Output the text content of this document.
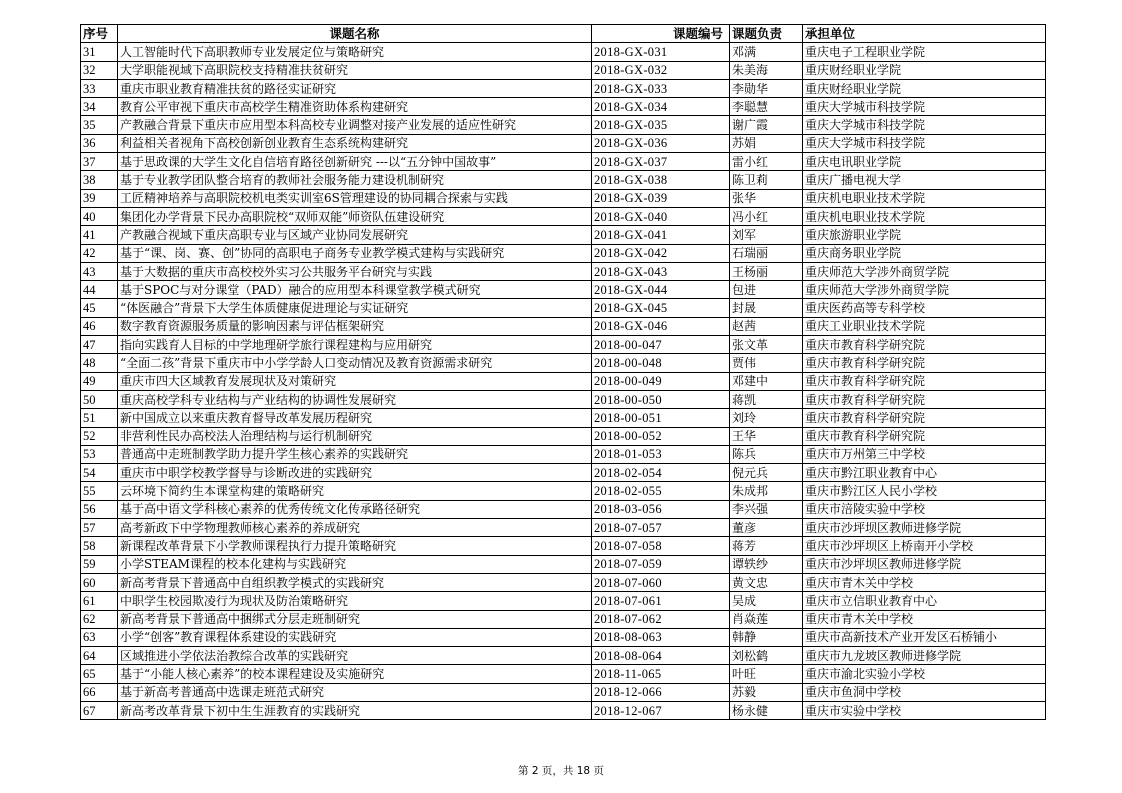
序号	课题名称	课题编号	课题负责	承担单位
31	人工智能时代下高职教师专业发展定位与策略研究	2018-GX-031	邓满	重庆电子工程职业学院
32	大学职能视域下高职院校支持精准扶贫研究	2018-GX-032	朱美海	重庆财经职业学院
33	重庆市职业教育精准扶贫的路径实证研究	2018-GX-033	李勋华	重庆财经职业学院
34	教育公平审视下重庆市高校学生精准资助体系构建研究	2018-GX-034	李聪慧	重庆大学城市科技学院
35	产教融合背景下重庆市应用型本科高校专业调整对接产业发展的适应性研究	2018-GX-035	谢广霞	重庆大学城市科技学院
36	利益相关者视角下高校创新创业教育生态系统构建研究	2018-GX-036	苏娟	重庆大学城市科技学院
37	基于思政课的大学生文化自信培育路径创新研究 ---以“五分钟中国故事”	2018-GX-037	雷小红	重庆电讯职业学院
38	基于专业教学团队整合培育的教师社会服务能力建设机制研究	2018-GX-038	陈卫莉	重庆广播电视大学
39	工匠精神培养与高职院校机电类实训室6S管理建设的协同耦合探索与实践	2018-GX-039	张华	重庆机电职业技术学院
40	集团化办学背景下民办高职院校“双师双能”师资队伍建设研究	2018-GX-040	冯小红	重庆机电职业技术学院
41	产教融合视域下重庆高职专业与区域产业协同发展研究	2018-GX-041	刘军	重庆旅游职业学院
42	基于“课、岗、赛、创”协同的高职电子商务专业教学模式建构与实践研究	2018-GX-042	石瑞丽	重庆商务职业学院
43	基于大数据的重庆市高校校外实习公共服务平台研究与实践	2018-GX-043	王杨丽	重庆师范大学涉外商贸学院
44	基于SPOC与对分课堂（PAD）融合的应用型本科课堂教学模式研究	2018-GX-044	包进	重庆师范大学涉外商贸学院
45	“体医融合”背景下大学生体质健康促进理论与实证研究	2018-GX-045	封晟	重庆医药高等专科学校
46	数字教育资源服务质量的影响因素与评估框架研究	2018-GX-046	赵茜	重庆工业职业技术学院
47	指向实践育人目标的中学地理研学旅行课程建构与应用研究	2018-00-047	张文革	重庆市教育科学研究院
48	“全面二孩”背景下重庆市中小学学龄人口变动情况及教育资源需求研究	2018-00-048	贾伟	重庆市教育科学研究院
49	重庆市四大区域教育发展现状及对策研究	2018-00-049	邓建中	重庆市教育科学研究院
50	重庆高校学科专业结构与产业结构的协调性发展研究	2018-00-050	蒋凯	重庆市教育科学研究院
51	新中国成立以来重庆教育督导改革发展历程研究	2018-00-051	刘玲	重庆市教育科学研究院
52	非营利性民办高校法人治理结构与运行机制研究	2018-00-052	王华	重庆市教育科学研究院
53	普通高中走班制教学助力提升学生核心素养的实践研究	2018-01-053	陈兵	重庆市万州第三中学校
54	重庆市中职学校教学督导与诊断改进的实践研究	2018-02-054	倪元兵	重庆市黔江职业教育中心
55	云环境下简约生本课堂构建的策略研究	2018-02-055	朱成邦	重庆市黔江区人民小学校
56	基于高中语文学科核心素养的优秀传统文化传承路径研究	2018-03-056	李兴强	重庆市涪陵实验中学校
57	高考新政下中学物理教师核心素养的养成研究	2018-07-057	董彦	重庆市沙坪坝区教师进修学院
58	新课程改革背景下小学教师课程执行力提升策略研究	2018-07-058	蒋芳	重庆市沙坪坝区上桥南开小学校
59	小学STEAM课程的校本化建构与实践研究	2018-07-059	谭轶纱	重庆市沙坪坝区教师进修学院
60	新高考背景下普通高中自组织教学模式的实践研究	2018-07-060	黄文忠	重庆市青木关中学校
61	中职学生校园欺凌行为现状及防治策略研究	2018-07-061	吴成	重庆市立信职业教育中心
62	新高考背景下普通高中捆绑式分层走班制研究	2018-07-062	肖焱莲	重庆市青木关中学校
63	小学“创客”教育课程体系建设的实践研究	2018-08-063	韩静	重庆市高新技术产业开发区石桥铺小
64	区域推进小学依法治教综合改革的实践研究	2018-08-064	刘松鹤	重庆市九龙坡区教师进修学院
65	基于“小能人核心素养”的校本课程建设及实施研究	2018-11-065	叶旺	重庆市渝北实验小学校
66	基于新高考普通高中选课走班范式研究	2018-12-066	苏毅	重庆市鱼洞中学校
67	新高考改革背景下初中生生涯教育的实践研究	2018-12-067	杨永健	重庆市实验中学校
第 2 页，共 18 页
